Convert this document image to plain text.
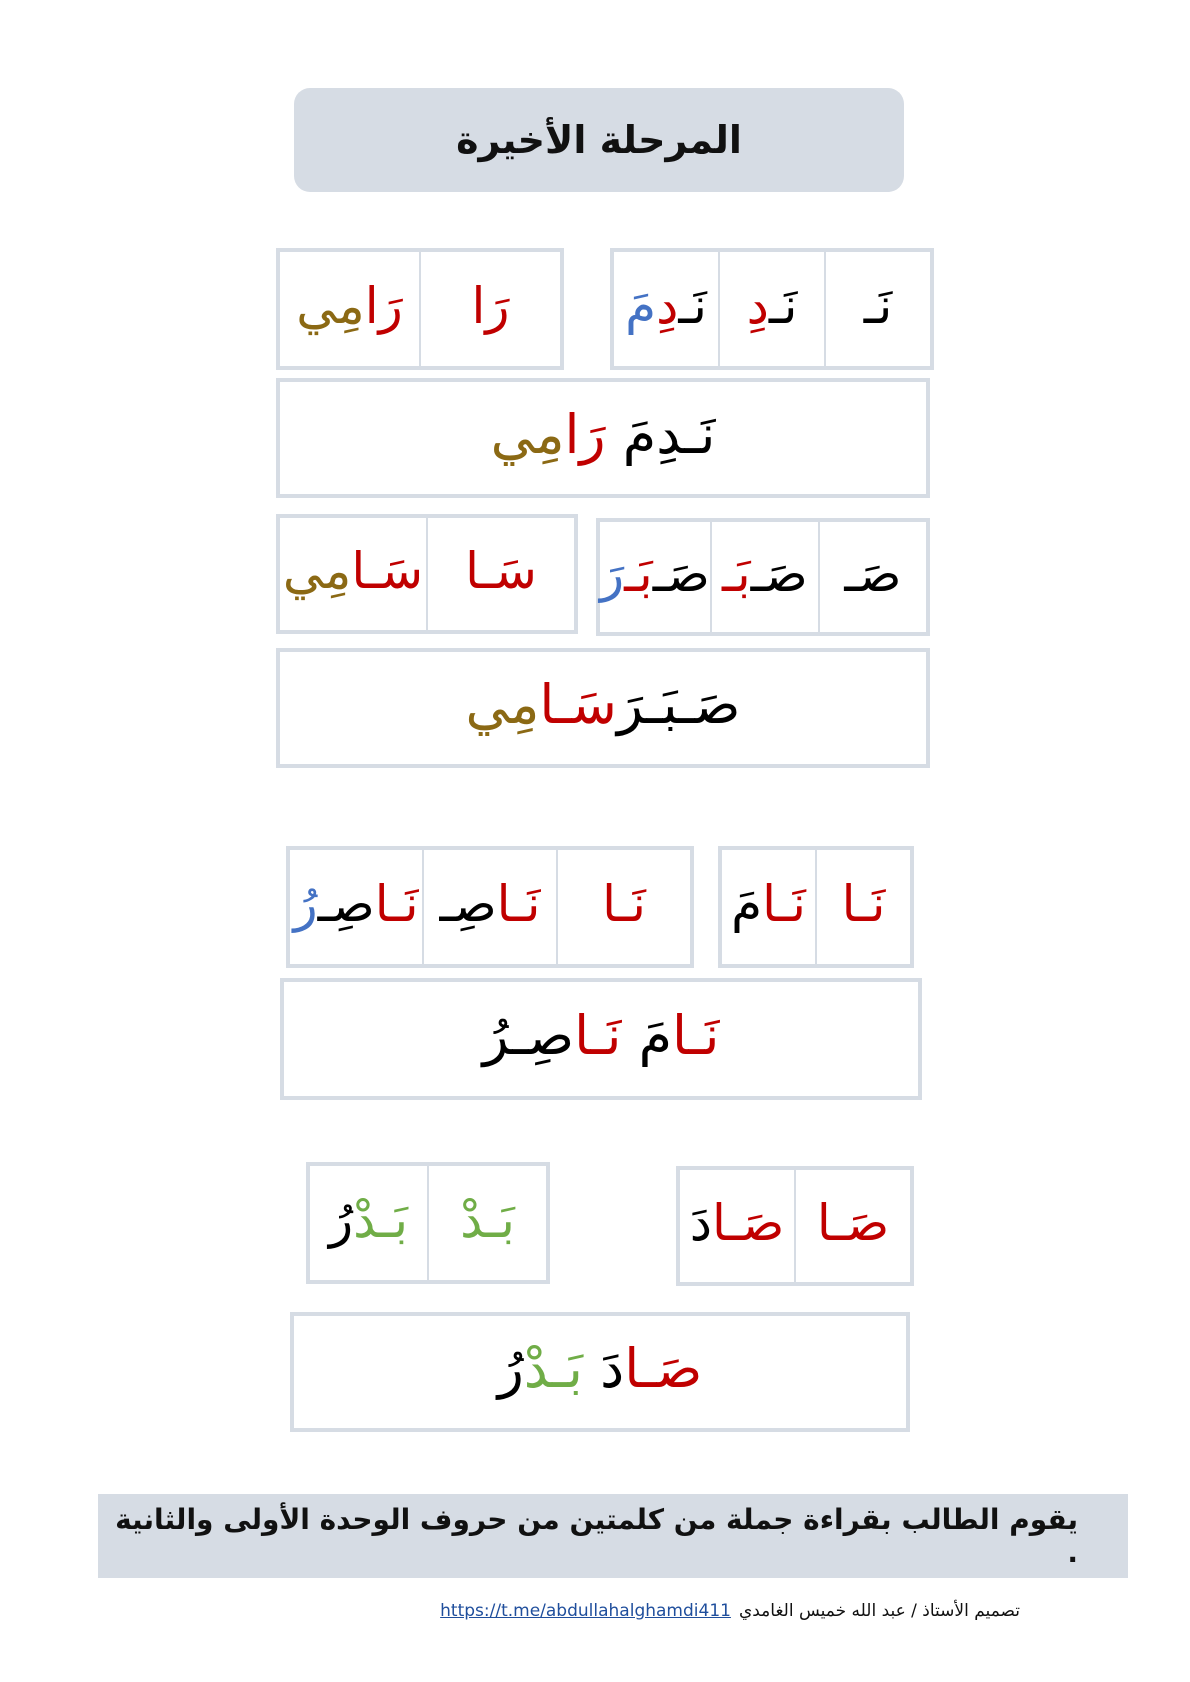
المرحلة الأخيرة
نَـ
نَـ
دِ
نَـ
دِ
مَ
رَا
رَا
مِي
نَـدِمَ

رَا
مِي
صَـ
صَـ
بَـ
صَـ
بَـ
رَ
سَـا
سَـا
مِي
صَـبَـرَ
سَـا
مِي
نَـا
نَـا
مَ
نَـا
نَـا
صِـ
نَـا
صِـ
رُ
نَـا
مَ

نَـا
صِـرُ
صَـا
صَـا
دَ
بَـدْ
بَـدْ
رُ
صَـا
دَ

بَـدْ
رُ
يقوم الطالب بقراءة جملة من كلمتين من حروف الوحدة الأولى والثانية .
تصميم الأستاذ / عبد الله خميس الغامدي
https://t.me/abdullahalghamdi411
